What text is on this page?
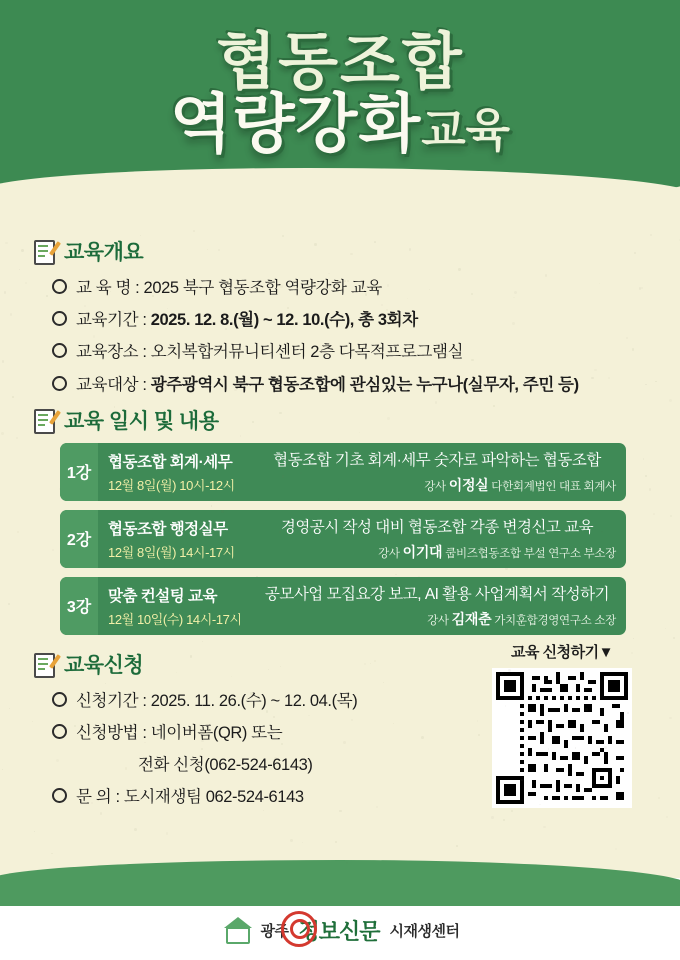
협동조합
역량강화교육
교육개요
교 육 명 : 2025 북구 협동조합 역량강화 교육
교육기간 : 2025. 12. 8.(월) ~ 12. 10.(수), 총 3회차
교육장소 : 오치복합커뮤니티센터 2층 다목적프로그램실
교육대상 : 광주광역시 북구 협동조합에 관심있는 누구나(실무자, 주민 등)
교육 일시 및 내용
1강
협동조합 회계·세무
12월 8일(월) 10시-12시
협동조합 기초 회계·세무 숫자로 파악하는 협동조합
강사 이정실 다한회계법인 대표 회계사
2강
협동조합 행정실무
12월 8일(월) 14시-17시
경영공시 작성 대비 협동조합 각종 변경신고 교육
강사 이기대 쿱비즈협동조합 부설 연구소 부소장
3강
맞춤 컨설팅 교육
12월 10일(수) 14시-17시
공모사업 모집요강 보고, AI 활용 사업계획서 작성하기
강사 김재춘 가치훈합경영연구소 소장
교육신청
신청기간 : 2025. 11. 26.(수) ~ 12. 04.(목)
신청방법 : 네이버폼(QR) 또는
전화 신청(062-524-6143)
문 의 : 도시재생팀 062-524-6143
교육 신청하기▼
광주 정보신문 시재생센터
